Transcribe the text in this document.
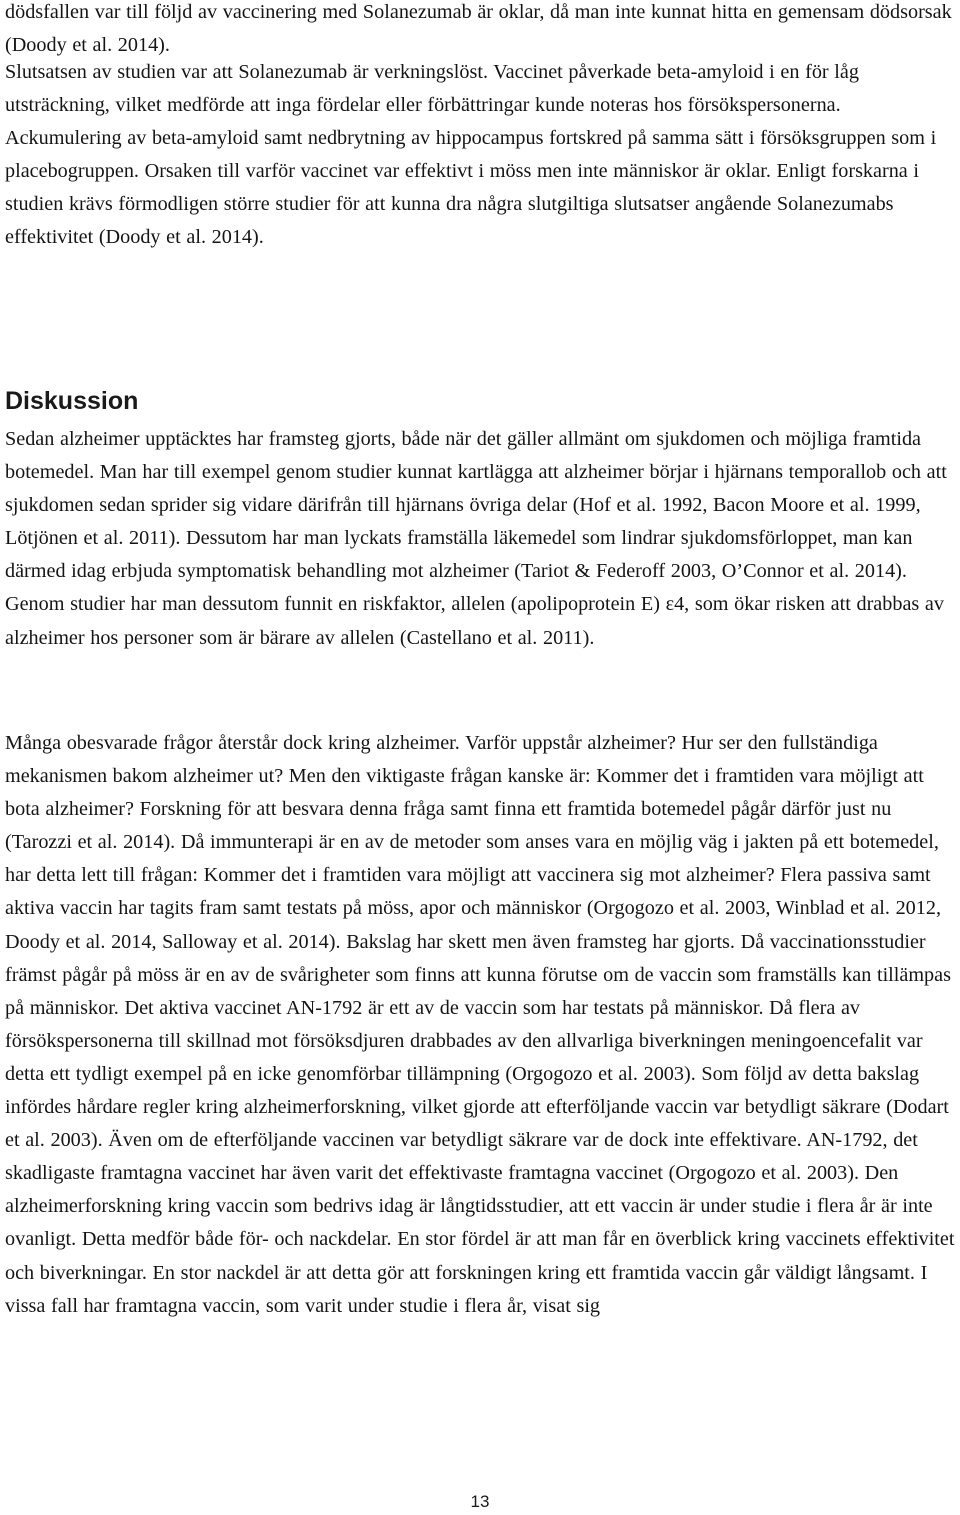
dödsfallen var till följd av vaccinering med Solanezumab är oklar, då man inte kunnat hitta en gemensam dödsorsak (Doody et al. 2014).

Slutsatsen av studien var att Solanezumab är verkningslöst. Vaccinet påverkade beta-amyloid i en för låg utsträckning, vilket medförde att inga fördelar eller förbättringar kunde noteras hos försökspersonerna. Ackumulering av beta-amyloid samt nedbrytning av hippocampus fortskred på samma sätt i försöksgruppen som i placebogruppen. Orsaken till varför vaccinet var effektivt i möss men inte människor är oklar. Enligt forskarna i studien krävs förmodligen större studier för att kunna dra några slutgiltiga slutsatser angående Solanezumabs effektivitet (Doody et al. 2014).

Diskussion

Sedan alzheimer upptäcktes har framsteg gjorts, både när det gäller allmänt om sjukdomen och möjliga framtida botemedel. Man har till exempel genom studier kunnat kartlägga att alzheimer börjar i hjärnans temporallob och att sjukdomen sedan sprider sig vidare därifrån till hjärnans övriga delar (Hof et al. 1992, Bacon Moore et al. 1999, Lötjönen et al. 2011). Dessutom har man lyckats framställa läkemedel som lindrar sjukdomsförloppet, man kan därmed idag erbjuda symptomatisk behandling mot alzheimer (Tariot & Federoff 2003, O’Connor et al. 2014). Genom studier har man dessutom funnit en riskfaktor, allelen (apolipoprotein E) ε4, som ökar risken att drabbas av alzheimer hos personer som är bärare av allelen (Castellano et al. 2011).

Många obesvarade frågor återstår dock kring alzheimer. Varför uppstår alzheimer? Hur ser den fullständiga mekanismen bakom alzheimer ut? Men den viktigaste frågan kanske är: Kommer det i framtiden vara möjligt att bota alzheimer? Forskning för att besvara denna fråga samt finna ett framtida botemedel pågår därför just nu (Tarozzi et al. 2014). Då immunterapi är en av de metoder som anses vara en möjlig väg i jakten på ett botemedel, har detta lett till frågan: Kommer det i framtiden vara möjligt att vaccinera sig mot alzheimer? Flera passiva samt aktiva vaccin har tagits fram samt testats på möss, apor och människor (Orgogozo et al. 2003, Winblad et al. 2012, Doody et al. 2014, Salloway et al. 2014). Bakslag har skett men även framsteg har gjorts. Då vaccinationsstudier främst pågår på möss är en av de svårigheter som finns att kunna förutse om de vaccin som framställs kan tillämpas på människor. Det aktiva vaccinet AN-1792 är ett av de vaccin som har testats på människor. Då flera av försökspersonerna till skillnad mot försöksdjuren drabbades av den allvarliga biverkningen meningoencefalit var detta ett tydligt exempel på en icke genomförbar tillämpning (Orgogozo et al. 2003). Som följd av detta bakslag infördes hårdare regler kring alzheimerforskning, vilket gjorde att efterföljande vaccin var betydligt säkrare (Dodart et al. 2003). Även om de efterföljande vaccinen var betydligt säkrare var de dock inte effektivare. AN-1792, det skadligaste framtagna vaccinet har även varit det effektivaste framtagna vaccinet (Orgogozo et al. 2003). Den alzheimerforskning kring vaccin som bedrivs idag är långtidsstudier, att ett vaccin är under studie i flera år är inte ovanligt. Detta medför både för- och nackdelar. En stor fördel är att man får en överblick kring vaccinets effektivitet och biverkningar. En stor nackdel är att detta gör att forskningen kring ett framtida vaccin går väldigt långsamt. I vissa fall har framtagna vaccin, som varit under studie i flera år, visat sig

13
